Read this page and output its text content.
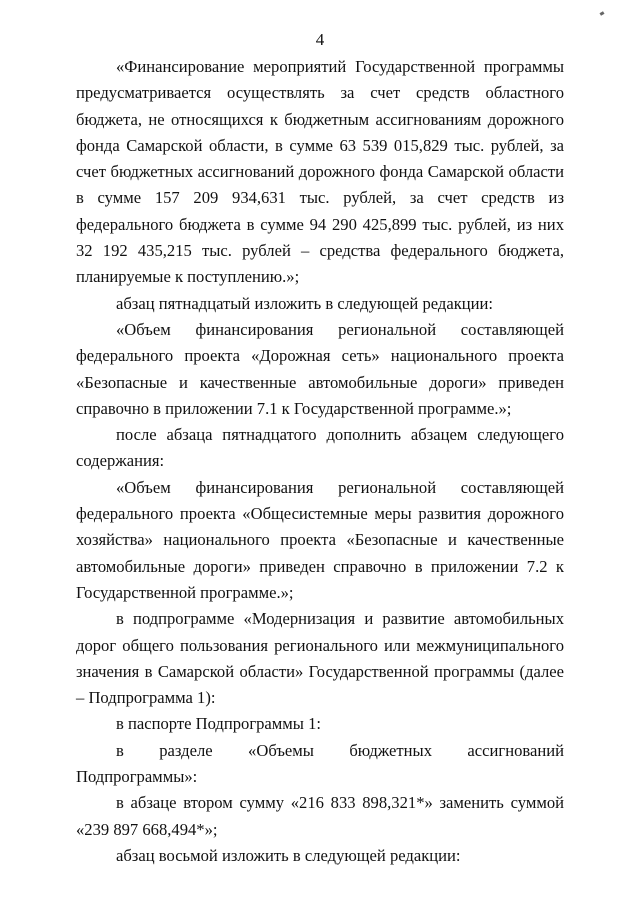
4

«Финансирование мероприятий Государственной программы предусматривается осуществлять за счет средств областного бюджета, не относящихся к бюджетным ассигнованиям дорожного фонда Самарской области, в сумме 63 539 015,829 тыс. рублей, за счет бюджетных ассигнований дорожного фонда Самарской области в сумме 157 209 934,631 тыс. рублей, за счет средств из федерального бюджета в сумме 94 290 425,899 тыс. рублей, из них 32 192 435,215 тыс. рублей – средства федерального бюджета, планируемые к поступлению.»;

абзац пятнадцатый изложить в следующей редакции:

«Объем финансирования региональной составляющей федерального проекта «Дорожная сеть» национального проекта «Безопасные и качественные автомобильные дороги» приведен справочно в приложении 7.1 к Государственной программе.»;

после абзаца пятнадцатого дополнить абзацем следующего содержания:

«Объем финансирования региональной составляющей федерального проекта «Общесистемные меры развития дорожного хозяйства» национального проекта «Безопасные и качественные автомобильные дороги» приведен справочно в приложении 7.2 к Государственной программе.»;

в подпрограмме «Модернизация и развитие автомобильных дорог общего пользования регионального или межмуниципального значения в Самарской области» Государственной программы (далее – Подпрограмма 1):

в паспорте Подпрограммы 1:

в разделе «Объемы бюджетных ассигнований Подпрограммы»:

в абзаце втором сумму «216 833 898,321*» заменить суммой «239 897 668,494*»;

абзац восьмой изложить в следующей редакции:
